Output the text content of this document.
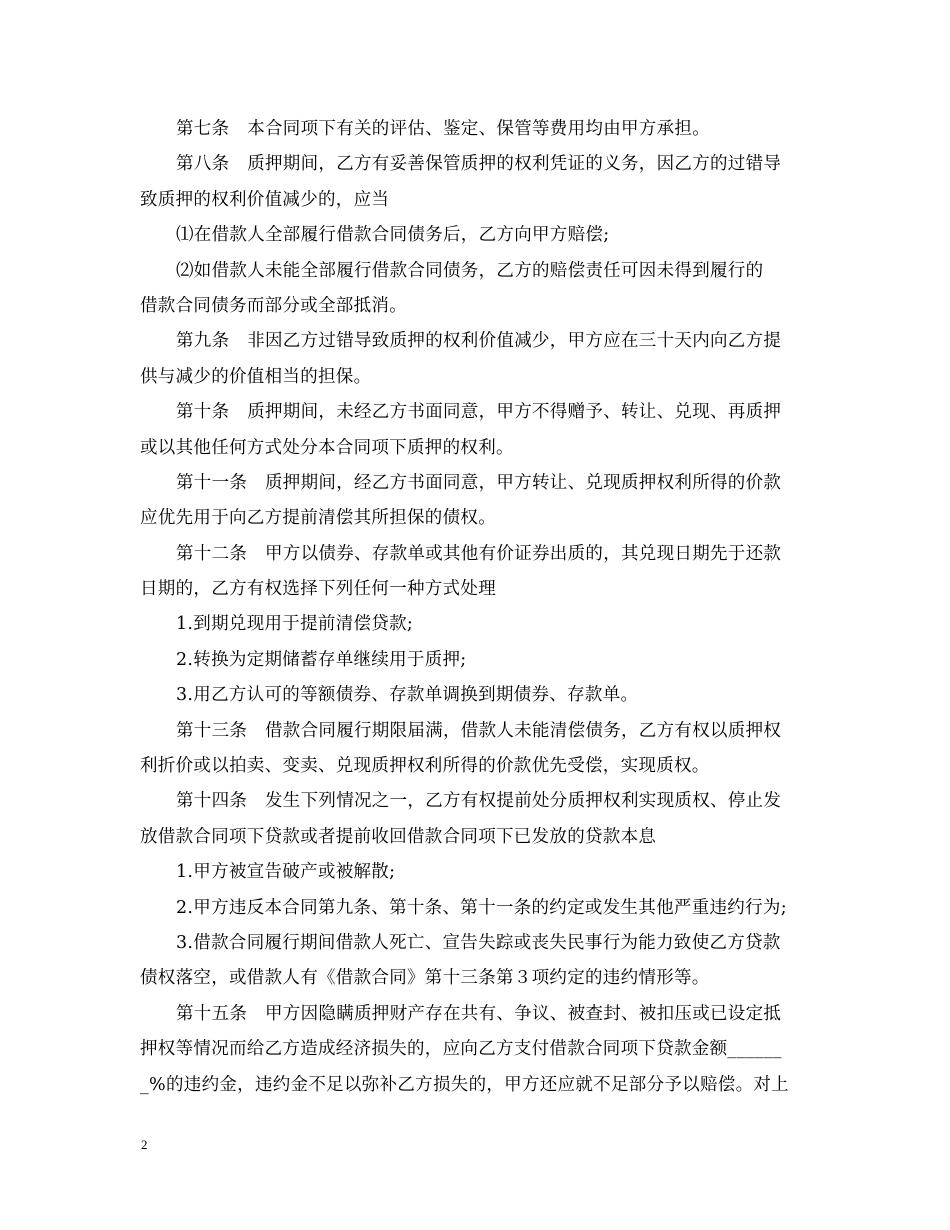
第七条　本合同项下有关的评估、鉴定、保管等费用均由甲方承担。
第八条　质押期间，乙方有妥善保管质押的权利凭证的义务，因乙方的过错导
致质押的权利价值减少的，应当
⑴在借款人全部履行借款合同债务后，乙方向甲方赔偿;
⑵如借款人未能全部履行借款合同债务，乙方的赔偿责任可因未得到履行的
借款合同债务而部分或全部抵消。
第九条　非因乙方过错导致质押的权利价值减少，甲方应在三十天内向乙方提
供与减少的价值相当的担保。
第十条　质押期间，未经乙方书面同意，甲方不得赠予、转让、兑现、再质押
或以其他任何方式处分本合同项下质押的权利。
第十一条　质押期间，经乙方书面同意，甲方转让、兑现质押权利所得的价款
应优先用于向乙方提前清偿其所担保的债权。
第十二条　甲方以债券、存款单或其他有价证券出质的，其兑现日期先于还款
日期的，乙方有权选择下列任何一种方式处理
1.到期兑现用于提前清偿贷款;
2.转换为定期储蓄存单继续用于质押;
3.用乙方认可的等额债券、存款单调换到期债券、存款单。
第十三条　借款合同履行期限届满，借款人未能清偿债务，乙方有权以质押权
利折价或以拍卖、变卖、兑现质押权利所得的价款优先受偿，实现质权。
第十四条　发生下列情况之一，乙方有权提前处分质押权利实现质权、停止发
放借款合同项下贷款或者提前收回借款合同项下已发放的贷款本息
1.甲方被宣告破产或被解散;
2.甲方违反本合同第九条、第十条、第十一条的约定或发生其他严重违约行为;
3.借款合同履行期间借款人死亡、宣告失踪或丧失民事行为能力致使乙方贷款
债权落空，或借款人有《借款合同》第十三条第３项约定的违约情形等。
第十五条　甲方因隐瞒质押财产存在共有、争议、被查封、被扣压或已设定抵
押权等情况而给乙方造成经济损失的，应向乙方支付借款合同项下贷款金额______
_%的违约金，违约金不足以弥补乙方损失的，甲方还应就不足部分予以赔偿。对上
2
